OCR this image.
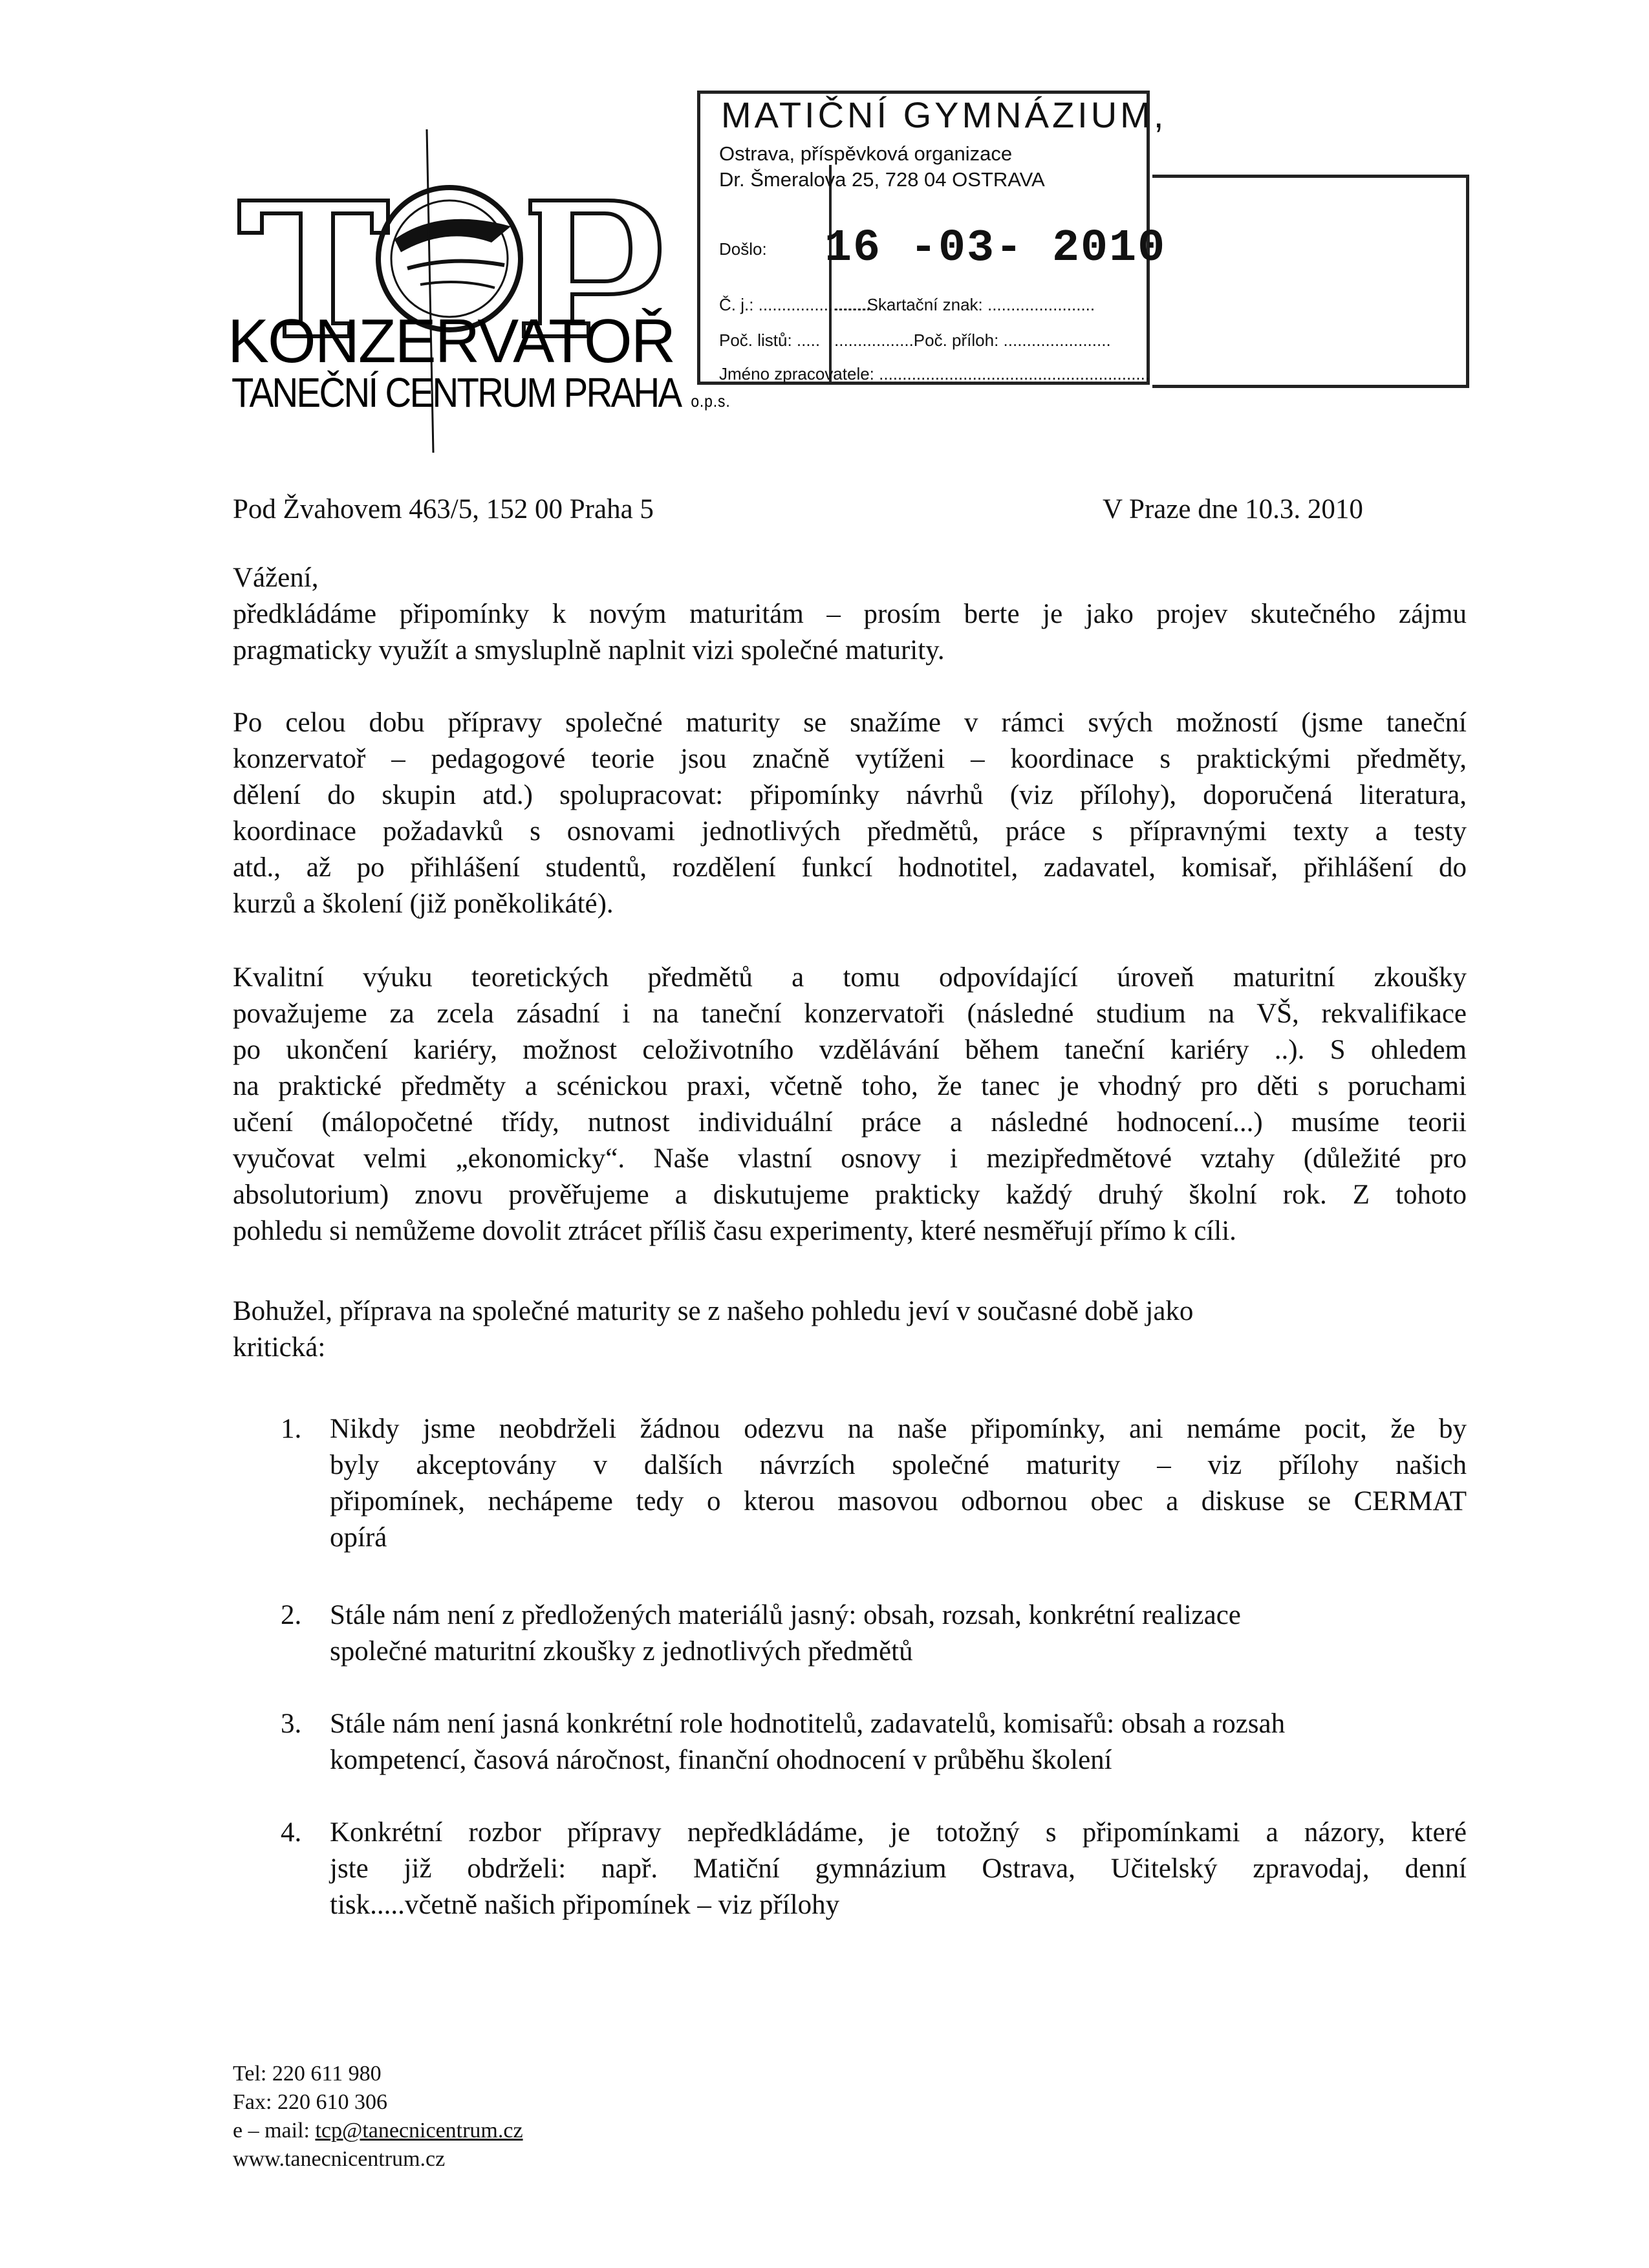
KONZERVATOŘ
TANEČNÍ CENTRUM PRAHA o.p.s.
MATIČNÍ GYMNÁZIUM,
Ostrava, příspěvková organizace
Dr. Šmeralova 25, 728 04 OSTRAVA
Došlo: 16 -03- 2010
Č. j.: ........................
.......Skartační znak: .......................
Poč. listů: ..... .................Poč. příloh: .......................
Jméno zpracovatele: ..........................................................
Pod Žvahovem 463/5, 152 00 Praha 5	V Praze dne 10.3. 2010
Vážení,
předkládáme připomínky k novým maturitám – prosím berte je jako projev skutečného zájmu
pragmaticky využít a smysluplně naplnit vizi společné maturity.
Po celou dobu přípravy společné maturity se snažíme v rámci svých možností (jsme taneční
konzervatoř – pedagogové teorie jsou značně vytíženi – koordinace s praktickými předměty,
dělení do skupin atd.) spolupracovat: připomínky návrhů (viz přílohy), doporučená literatura,
koordinace požadavků s osnovami jednotlivých předmětů, práce s přípravnými texty a testy
atd., až po přihlášení studentů, rozdělení funkcí hodnotitel, zadavatel, komisař, přihlášení do
kurzů a školení (již poněkolikáté).
Kvalitní výuku teoretických předmětů a tomu odpovídající úroveň maturitní zkoušky
považujeme za zcela zásadní i na taneční konzervatoři (následné studium na VŠ, rekvalifikace
po ukončení kariéry, možnost celoživotního vzdělávání během taneční kariéry ..). S ohledem
na praktické předměty a scénickou praxi, včetně toho, že tanec je vhodný pro děti s poruchami
učení (málopočetné třídy, nutnost individuální práce a následné hodnocení...) musíme teorii
vyučovat velmi „ekonomicky“. Naše vlastní osnovy i mezipředmětové vztahy (důležité pro
absolutorium) znovu prověřujeme a diskutujeme prakticky každý druhý školní rok. Z tohoto
pohledu si nemůžeme dovolit ztrácet příliš času experimenty, které nesměřují přímo k cíli.
Bohužel, příprava na společné maturity se z našeho pohledu jeví v současné době jako
kritická:
1. Nikdy jsme neobdrželi žádnou odezvu na naše připomínky, ani nemáme pocit, že by
byly akceptovány v dalších návrzích společné maturity – viz přílohy našich
připomínek, nechápeme tedy o kterou masovou odbornou obec a diskuse se CERMAT
opírá
2. Stále nám není z předložených materiálů jasný: obsah, rozsah, konkrétní realizace
společné maturitní zkoušky z jednotlivých předmětů
3. Stále nám není jasná konkrétní role hodnotitelů, zadavatelů, komisařů: obsah a rozsah
kompetencí, časová náročnost, finanční ohodnocení v průběhu školení
4. Konkrétní rozbor přípravy nepředkládáme, je totožný s připomínkami a názory, které
jste již obdrželi: např. Matiční gymnázium Ostrava, Učitelský zpravodaj, denní
tisk.....včetně našich připomínek – viz přílohy
Tel: 220 611 980
Fax: 220 610 306
e – mail: tcp@tanecnicentrum.cz
www.tanecnicentrum.cz
